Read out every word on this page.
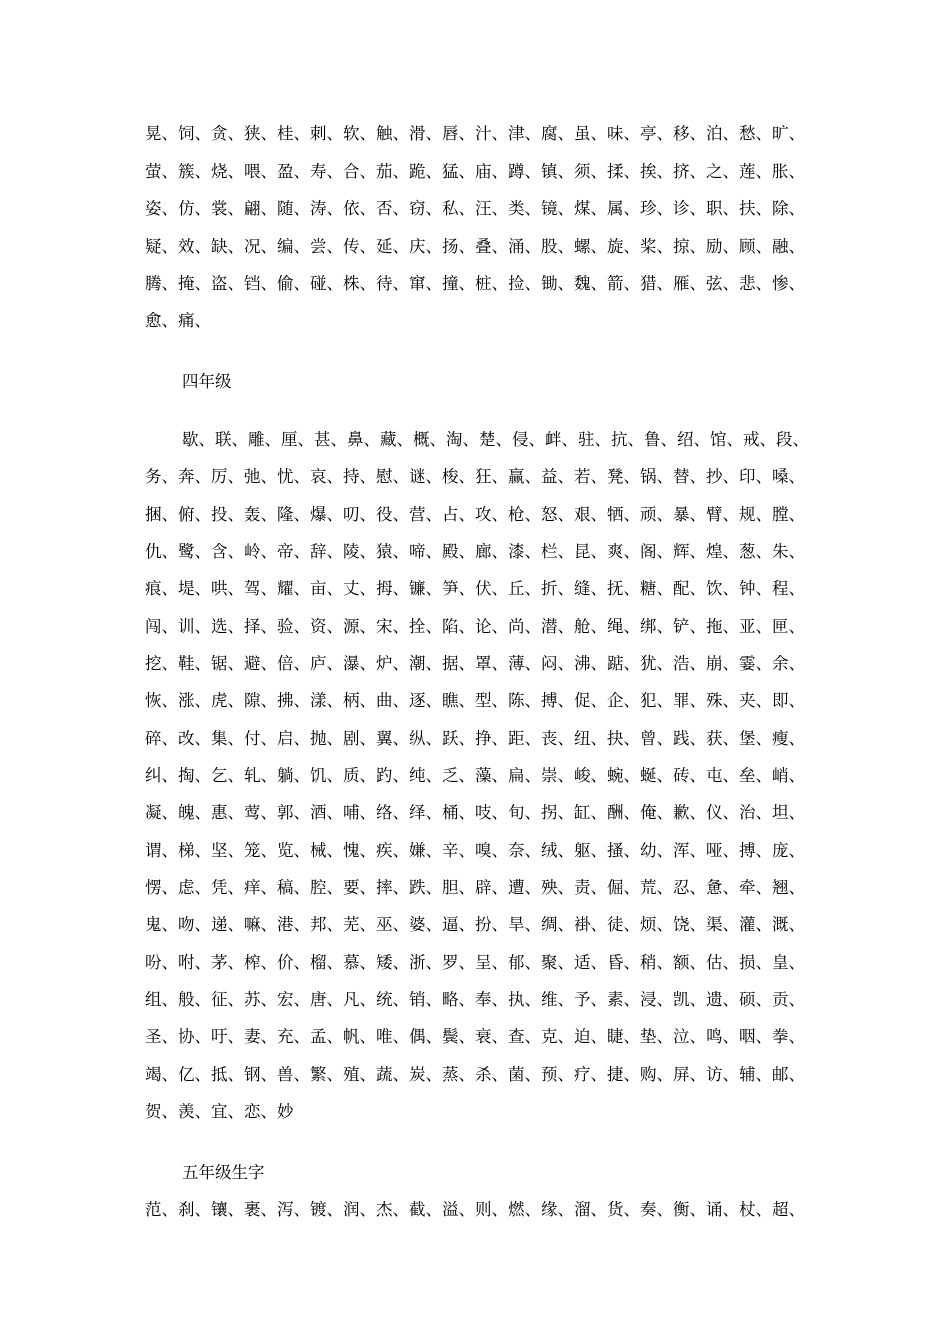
晃、饲、贪、狭、桂、刺、软、触、滑、唇、汁、津、腐、虽、味、亭、移、泊、愁、旷、
萤、簇、烧、喂、盈、寿、合、茄、跪、猛、庙、蹲、镇、须、揉、挨、挤、之、莲、胀、
姿、仿、裳、翩、随、涛、依、否、窃、私、汪、类、镜、煤、属、珍、诊、职、扶、除、
疑、效、缺、况、编、尝、传、延、庆、扬、叠、涌、股、螺、旋、桨、掠、励、顾、融、
腾、掩、盗、铛、偷、碰、株、待、窜、撞、桩、捡、锄、魏、箭、猎、雁、弦、悲、惨、
愈、痛、
四年级
歇、联、雕、厘、甚、鼻、藏、概、淘、楚、侵、衅、驻、抗、鲁、绍、馆、戒、段、
务、奔、厉、弛、忧、哀、持、慰、谜、梭、狂、赢、益、若、凳、锅、替、抄、印、嗓、
捆、俯、投、轰、隆、爆、叨、役、营、占、攻、枪、怒、艰、牺、顽、暴、臂、规、膛、
仇、鹭、含、岭、帝、辞、陵、猿、啼、殿、廊、漆、栏、昆、爽、阁、辉、煌、葱、朱、
痕、堤、哄、驾、耀、亩、丈、拇、镰、笋、伏、丘、折、缝、抚、糖、配、饮、钟、程、
闯、训、选、择、验、资、源、宋、拴、陷、论、尚、潜、舱、绳、绑、铲、拖、亚、匣、
挖、鞋、锯、避、倍、庐、瀑、炉、潮、据、罩、薄、闷、沸、踮、犹、浩、崩、霎、余、
恢、涨、虎、隙、拂、漾、柄、曲、逐、瞧、型、陈、搏、促、企、犯、罪、殊、夹、即、
碎、改、集、付、启、抛、剧、翼、纵、跃、挣、距、丧、纽、抉、曾、践、获、堡、瘦、
纠、掏、乞、轧、躺、饥、质、趵、纯、乏、藻、扁、崇、峻、蜿、蜒、砖、屯、垒、峭、
凝、魄、惠、莺、郭、酒、哺、络、绎、桶、吱、旬、拐、缸、酬、俺、歉、仪、治、坦、
谓、梯、坚、笼、览、械、愧、疾、嫌、辛、嗅、奈、绒、躯、搔、幼、浑、哑、搏、庞、
愣、虑、凭、痒、稿、腔、要、摔、跌、胆、辟、遭、殃、责、倔、荒、忍、惫、牵、翘、
鬼、吻、递、嘛、港、邦、芜、巫、婆、逼、扮、旱、绸、褂、徒、烦、饶、渠、灌、溉、
吩、咐、茅、榨、价、榴、慕、矮、浙、罗、呈、郁、聚、适、昏、稍、额、估、损、皇、
组、般、征、苏、宏、唐、凡、统、销、略、奉、执、维、予、素、浸、凯、遗、硕、贡、
圣、协、吁、妻、充、孟、帆、唯、偶、鬓、衰、查、克、迫、睫、垫、泣、鸣、咽、拳、
竭、亿、抵、钢、兽、繁、殖、蔬、炭、蒸、杀、菌、预、疗、捷、购、屏、访、辅、邮、
贺、羡、宜、恋、妙
五年级生字
范、刹、镶、裹、泻、镀、润、杰、截、溢、则、燃、缘、溜、货、奏、衡、诵、杖、超、
